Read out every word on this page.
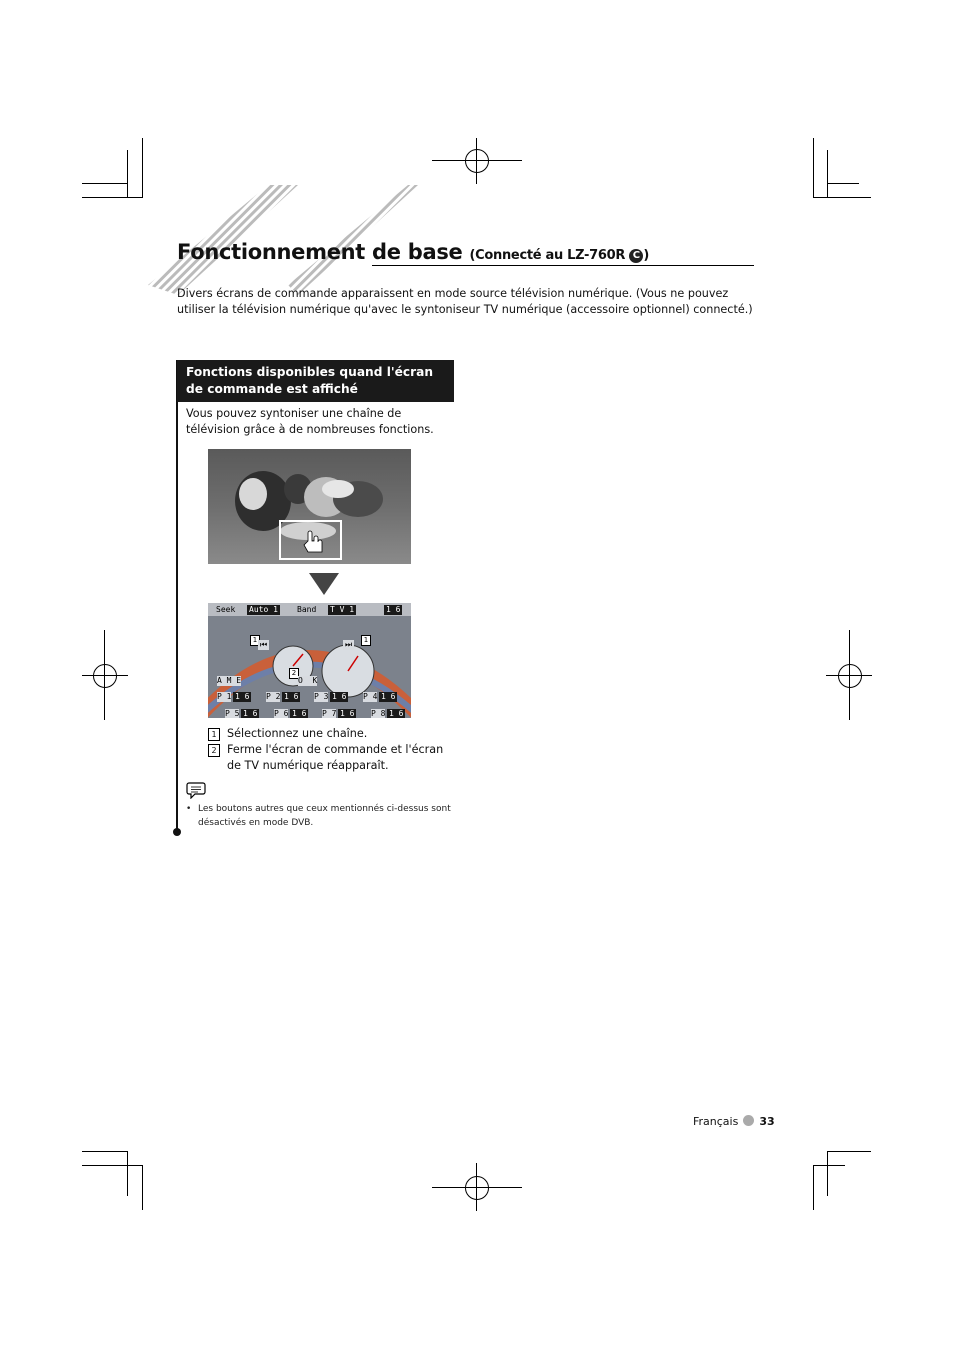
Fonctionnement de base (Connecté au LZ-760R C )
Divers écrans de commande apparaissent en mode source télévision numérique. (Vous ne pouvez utiliser la télévision numérique qu'avec le syntoniseur TV numérique (accessoire optionnel) connecté.)
Fonctions disponibles quand l'écran de commande est affiché
Vous pouvez syntoniser une chaîne de télévision grâce à de nombreuses fonctions.
Seek Auto 1 Band T V 1	1 6
1 ⏮	1
⏭
A M E
2
O  K
P 1 1 6 P 2 1 6 P 3 1 6 P 4 1 6
P 5 1 6 P 6 1 6 P 7 1 6 P 8 1 6
1 Sélectionnez une chaîne.
2 Ferme l'écran de commande et l'écran de TV numérique réapparaît.
• Les boutons autres que ceux mentionnés ci-dessus sont désactivés en mode DVB.
Français 33
